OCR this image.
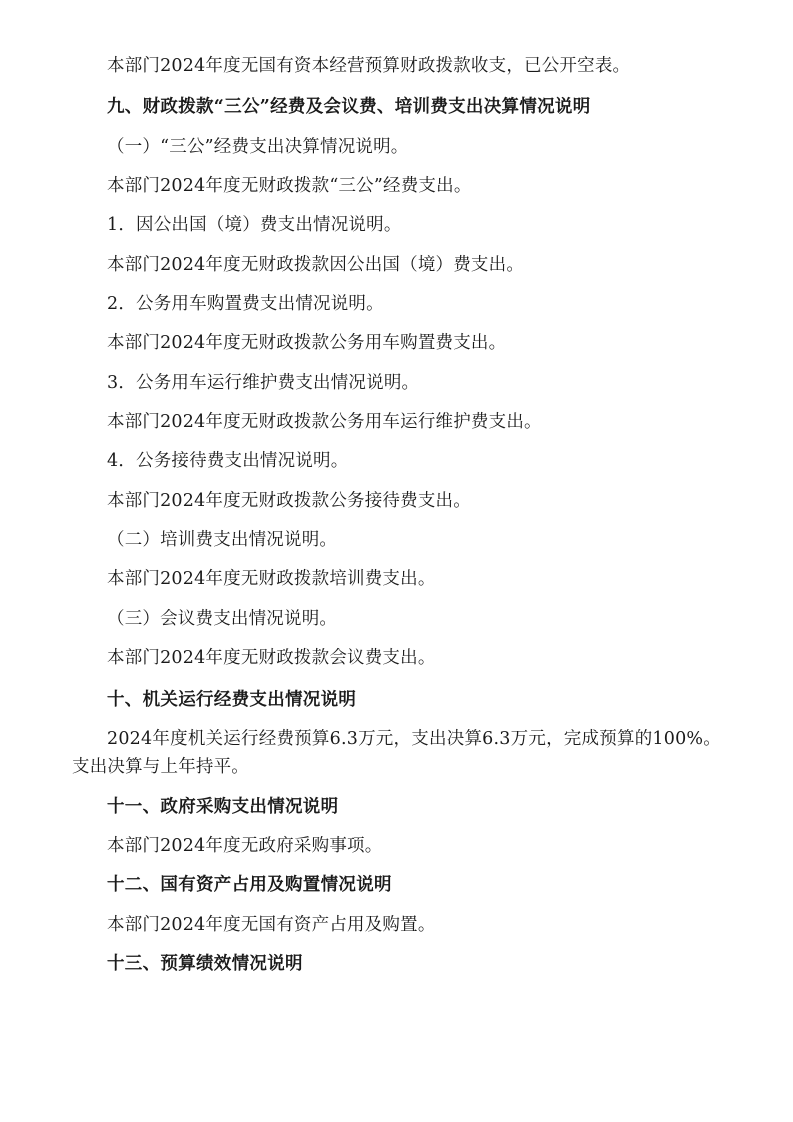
本部门2024年度无国有资本经营预算财政拨款收支，已公开空表。

九、财政拨款“三公”经费及会议费、培训费支出决算情况说明

（一）“三公”经费支出决算情况说明。

本部门2024年度无财政拨款“三公”经费支出。

1．因公出国（境）费支出情况说明。

本部门2024年度无财政拨款因公出国（境）费支出。

2．公务用车购置费支出情况说明。

本部门2024年度无财政拨款公务用车购置费支出。

3．公务用车运行维护费支出情况说明。

本部门2024年度无财政拨款公务用车运行维护费支出。

4．公务接待费支出情况说明。

本部门2024年度无财政拨款公务接待费支出。

（二）培训费支出情况说明。

本部门2024年度无财政拨款培训费支出。

（三）会议费支出情况说明。

本部门2024年度无财政拨款会议费支出。

十、机关运行经费支出情况说明

2024年度机关运行经费预算6.3万元，支出决算6.3万元，完成预算的100%。支出决算与上年持平。

十一、政府采购支出情况说明

本部门2024年度无政府采购事项。

十二、国有资产占用及购置情况说明

本部门2024年度无国有资产占用及购置。

十三、预算绩效情况说明
